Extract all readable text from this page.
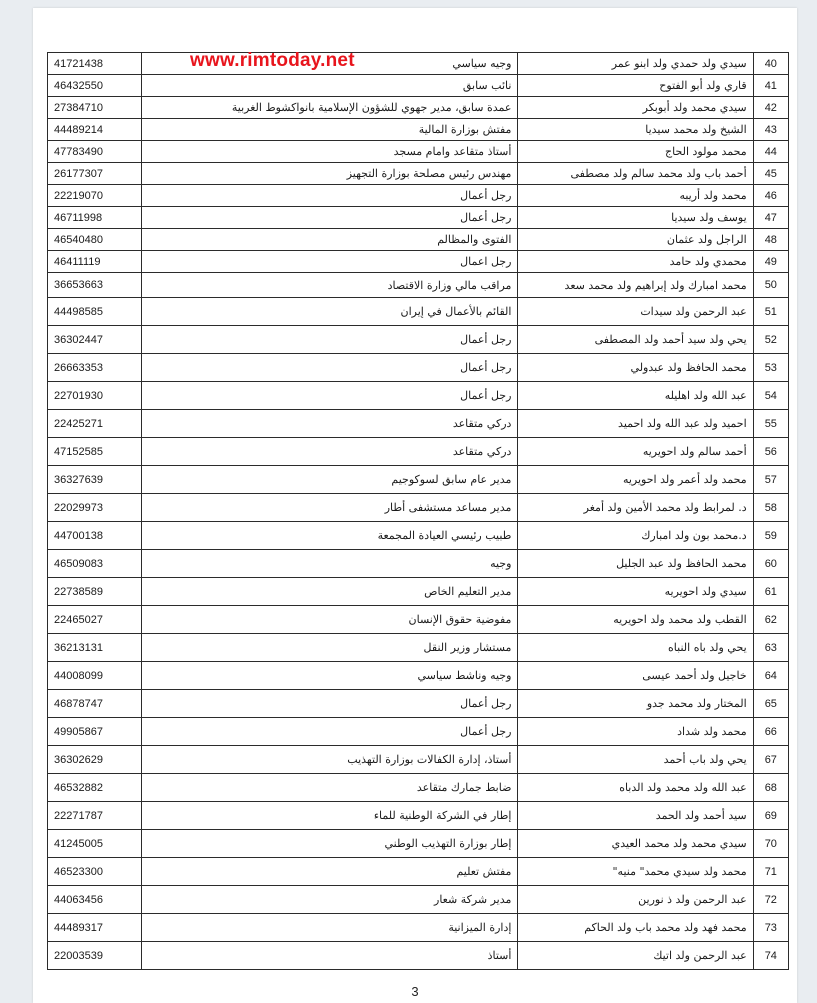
www.rimtoday.net
41721438	وجيه سياسي	سيدي ولد حمدي ولد ابنو عمر	40
46432550	نائب سابق	قاري ولد أبو الفتوح	41
27384710	عمدة سابق، مدير جهوي للشؤون الإسلامية بانواكشوط الغربية	سيدي محمد ولد أبوبكر	42
44489214	مفتش بوزارة المالية	الشيخ ولد محمد سيديا	43
47783490	أستاذ متقاعد وامام مسجد	محمد مولود الحاج	44
26177307	مهندس رئيس مصلحة بوزارة التجهيز	أحمد باب ولد محمد سالم ولد مصطفى	45
22219070	رجل أعمال	محمد ولد أريبه	46
46711998	رجل أعمال	يوسف ولد سيديا	47
46540480	الفتوى والمظالم	الراجل ولد عثمان	48
46411119	رجل اعمال	محمدي ولد حامد	49
36653663	مراقب مالي وزارة الاقتصاد	محمد امبارك ولد إبراهيم ولد محمد سعد	50
44498585	القائم بالأعمال في إيران	عبد الرحمن ولد سيدات	51
36302447	رجل أعمال	يحي ولد سيد أحمد ولد المصطفى	52
26663353	رجل أعمال	محمد الحافظ ولد عبدولي	53
22701930	رجل أعمال	عبد الله ولد اهليله	54
22425271	دركي متقاعد	احميد ولد عبد الله ولد احميد	55
47152585	دركي متقاعد	أحمد سالم ولد احويريه	56
36327639	مدير عام سابق لسوكوجيم	محمد ولد أعمر ولد احويريه	57
22029973	مدير مساعد مستشفى أطار	د. لمرابط ولد محمد الأمين ولد أمغر	58
44700138	طبيب رئيسي العيادة المجمعة	د.محمد بون ولد امبارك	59
46509083	وجيه	محمد الحافظ ولد عبد الجليل	60
22738589	مدير التعليم الخاص	سيدي ولد احويريه	61
22465027	مفوضية حقوق الإنسان	القطب ولد محمد ولد احويريه	62
36213131	مستشار وزير النقل	يحي ولد باه النباه	63
44008099	وجيه وناشط سياسي	خاجيل ولد أحمد عيسى	64
46878747	رجل أعمال	المختار ولد محمد جدو	65
49905867	رجل أعمال	محمد ولد شداد	66
36302629	أستاذ، إدارة الكفالات بوزارة التهذيب	يحي ولد باب أحمد	67
46532882	ضابط جمارك متقاعد	عبد الله ولد محمد ولد الدباه	68
22271787	إطار في الشركة الوطنية للماء	سيد أحمد ولد الحمد	69
41245005	إطار بوزارة التهذيب الوطني	سيدي محمد ولد محمد العيدي	70
46523300	مفتش تعليم	محمد ولد سيدي محمد" منيه"	71
44063456	مدير شركة شعار	عبد الرحمن ولد ذ نورين	72
44489317	إدارة الميزانية	محمد فهد ولد محمد باب ولد الحاكم	73
22003539	أستاذ	عبد الرحمن ولد اتيك	74
3
